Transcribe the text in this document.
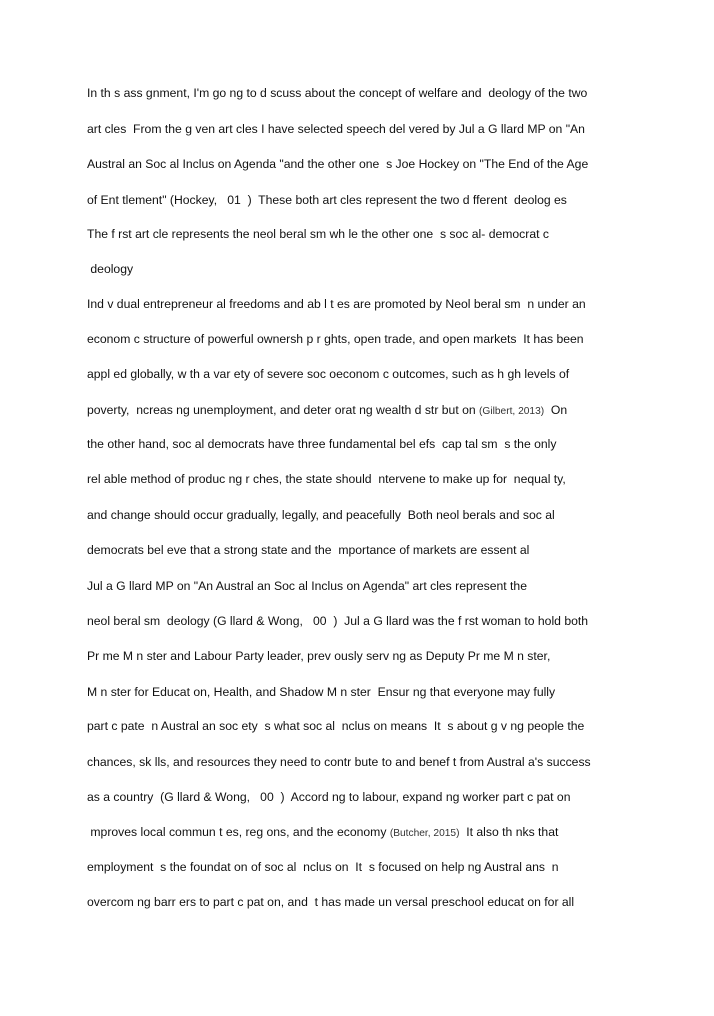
In th s ass gnment, I'm go ng to d scuss about the concept of welfare and  deology of the two
art cles  From the g ven art cles I have selected speech del vered by Jul a G llard MP on "An
Austral an Soc al Inclus on Agenda "and the other one  s Joe Hockey on "The End of the Age
of Ent tlement" (Hockey,   01  )  These both art cles represent the two d fferent  deolog es
The f rst art cle represents the neol beral sm wh le the other one  s soc al- democrat c
deology
Ind v dual entrepreneur al freedoms and ab l t es are promoted by Neol beral sm  n under an
econom c structure of powerful ownersh p r ghts, open trade, and open markets  It has been
appl ed globally, w th a var ety of severe soc oeconom c outcomes, such as h gh levels of
poverty,  ncreas ng unemployment, and deter orat ng wealth d str but on (Gilbert, 2013)  On
the other hand, soc al democrats have three fundamental bel efs  cap tal sm  s the only
rel able method of produc ng r ches, the state should  ntervene to make up for  nequal ty,
and change should occur gradually, legally, and peacefully  Both neol berals and soc al
democrats bel eve that a strong state and the  mportance of markets are essent al
Jul a G llard MP on "An Austral an Soc al Inclus on Agenda" art cles represent the
neol beral sm  deology (G llard & Wong,   00  )  Jul a G llard was the f rst woman to hold both
Pr me M n ster and Labour Party leader, prev ously serv ng as Deputy Pr me M n ster,
M n ster for Educat on, Health, and Shadow M n ster  Ensur ng that everyone may fully
part c pate  n Austral an soc ety  s what soc al  nclus on means  It  s about g v ng people the
chances, sk lls, and resources they need to contr bute to and benef t from Austral a's success
as a country  (G llard & Wong,   00  )  Accord ng to labour, expand ng worker part c pat on
mproves local commun t es, reg ons, and the economy (Butcher, 2015)  It also th nks that
employment  s the foundat on of soc al  nclus on  It  s focused on help ng Austral ans  n
overcom ng barr ers to part c pat on, and  t has made un versal preschool educat on for all
